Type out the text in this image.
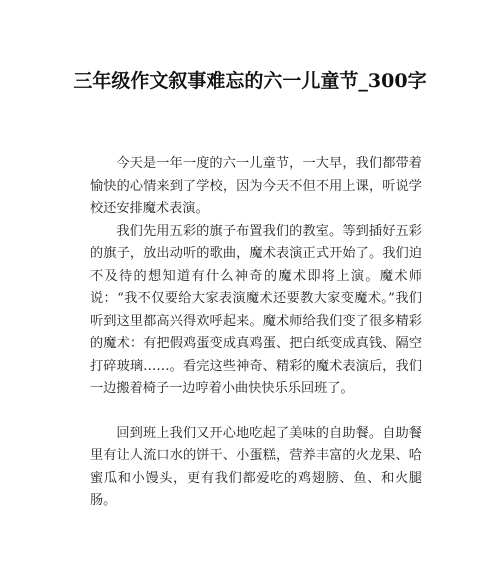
三年级作文叙事难忘的六一儿童节_300字

今天是一年一度的六一儿童节，一大早，我们都带着愉快的心情来到了学校，因为今天不但不用上课，听说学校还安排魔术表演。

我们先用五彩的旗子布置我们的教室。等到插好五彩的旗子，放出动听的歌曲，魔术表演正式开始了。我们迫不及待的想知道有什么神奇的魔术即将上演。魔术师说：“我不仅要给大家表演魔术还要教大家变魔术。”我们听到这里都高兴得欢呼起来。魔术师给我们变了很多精彩的魔术：有把假鸡蛋变成真鸡蛋、把白纸变成真钱、隔空打碎玻璃……。看完这些神奇、精彩的魔术表演后，我们一边搬着椅子一边哼着小曲快快乐乐回班了。

回到班上我们又开心地吃起了美味的自助餐。自助餐里有让人流口水的饼干、小蛋糕，营养丰富的火龙果、哈蜜瓜和小馒头，更有我们都爱吃的鸡翅膀、鱼、和火腿肠。
